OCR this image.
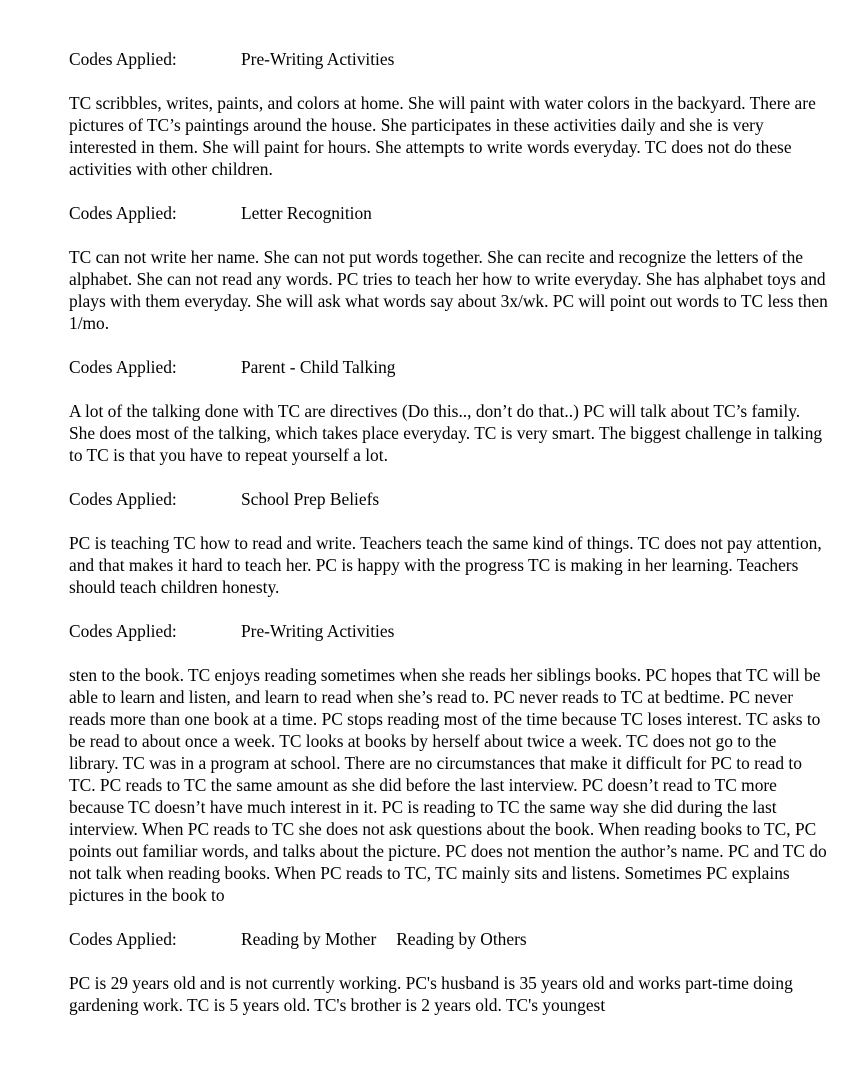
Codes Applied:	Pre-Writing Activities

TC scribbles, writes, paints, and colors at home. She will paint with water colors in the backyard. There are pictures of TC’s paintings around the house. She participates in these activities daily and she is very interested in them. She will paint for hours. She attempts to write words everyday. TC does not do these activities with other children.

Codes Applied:	Letter Recognition

TC can not write her name. She can not put words together. She can recite and recognize the letters of the alphabet. She can not read any words. PC tries to teach her how to write everyday. She has alphabet toys and plays with them everyday. She will ask what words say about 3x/wk. PC will point out words to TC less then 1/mo.

Codes Applied:	Parent - Child Talking

A lot of the talking done with TC are directives (Do this.., don’t do that..) PC will talk about TC’s family. She does most of the talking, which takes place everyday. TC is very smart. The biggest challenge in talking to TC is that you have to repeat yourself a lot.

Codes Applied:	School Prep Beliefs

PC is teaching TC how to read and write. Teachers teach the same kind of things. TC does not pay attention, and that makes it hard to teach her. PC is happy with the progress TC is making in her learning. Teachers should teach children honesty.

Codes Applied:	Pre-Writing Activities

sten to the book. TC enjoys reading sometimes when she reads her siblings books. PC hopes that TC will be able to learn and listen, and learn to read when she’s read to. PC never reads to TC at bedtime. PC never reads more than one book at a time. PC stops reading most of the time because TC loses interest. TC asks to be read to about once a week. TC looks at books by herself about twice a week. TC does not go to the library. TC was in a program at school. There are no circumstances that make it difficult for PC to read to TC. PC reads to TC the same amount as she did before the last interview. PC doesn’t read to TC more because TC doesn’t have much interest in it. PC is reading to TC the same way she did during the last interview. When PC reads to TC she does not ask questions about the book. When reading books to TC, PC points out familiar words, and talks about the picture. PC does not mention the author’s name. PC and TC do not talk when reading books. When PC reads to TC, TC mainly sits and listens. Sometimes PC explains pictures in the book to

Codes Applied:	Reading by Mother Reading by Others

PC is 29 years old and is not currently working. PC's husband is 35 years old and works part-time doing gardening work. TC is 5 years old. TC's brother is 2 years old. TC's youngest
